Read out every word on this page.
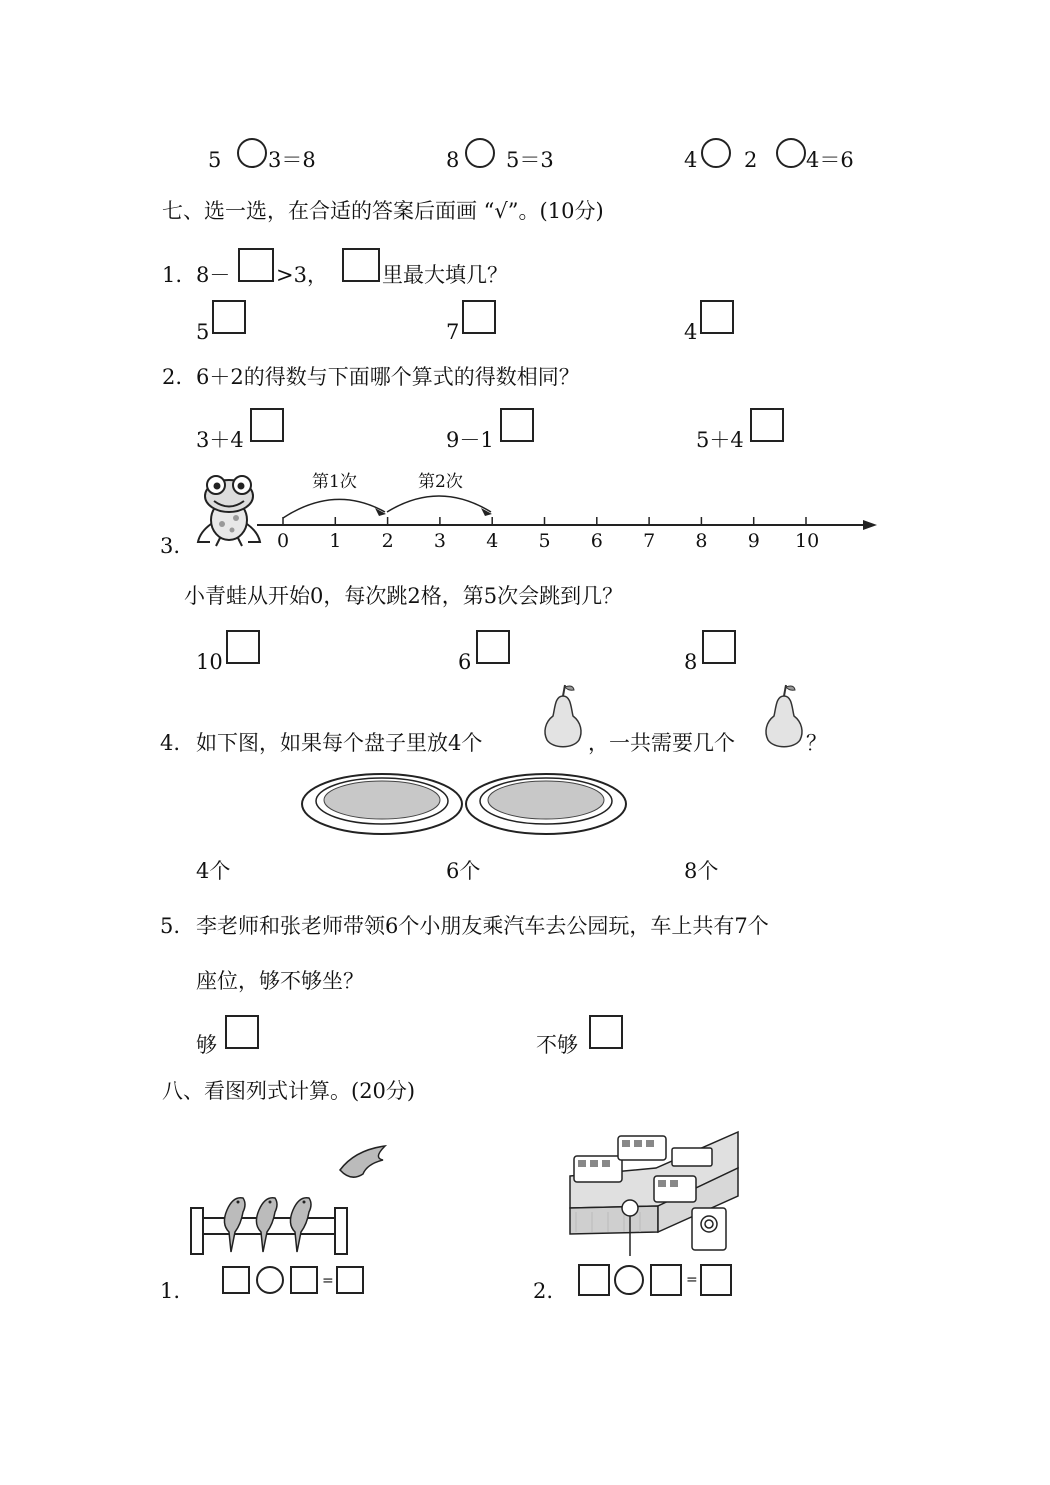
5 3＝8	8 5＝3	4 2 4＝6
七、选一选，在合适的答案后面画 “√”。(10分)
1. 8－ >3，	里最大填几？
5	7	4
2. 6＋2的得数与下面哪个算式的得数相同？
3＋4	9－1	5＋4
3.
第1次	第2次
0 1 2 3 4 5 6 7 8 9 10
小青蛙从开始0，每次跳2格，第5次会跳到几？
10	6	8
4. 如下图，如果每个盘子里放4个	，一共需要几个	？
4个	6个	8个
5. 李老师和张老师带领6个小朋友乘汽车去公园玩，车上共有7个
座位，够不够坐？
够	不够
八、看图列式计算。(20分)
1.	=	2.	=
